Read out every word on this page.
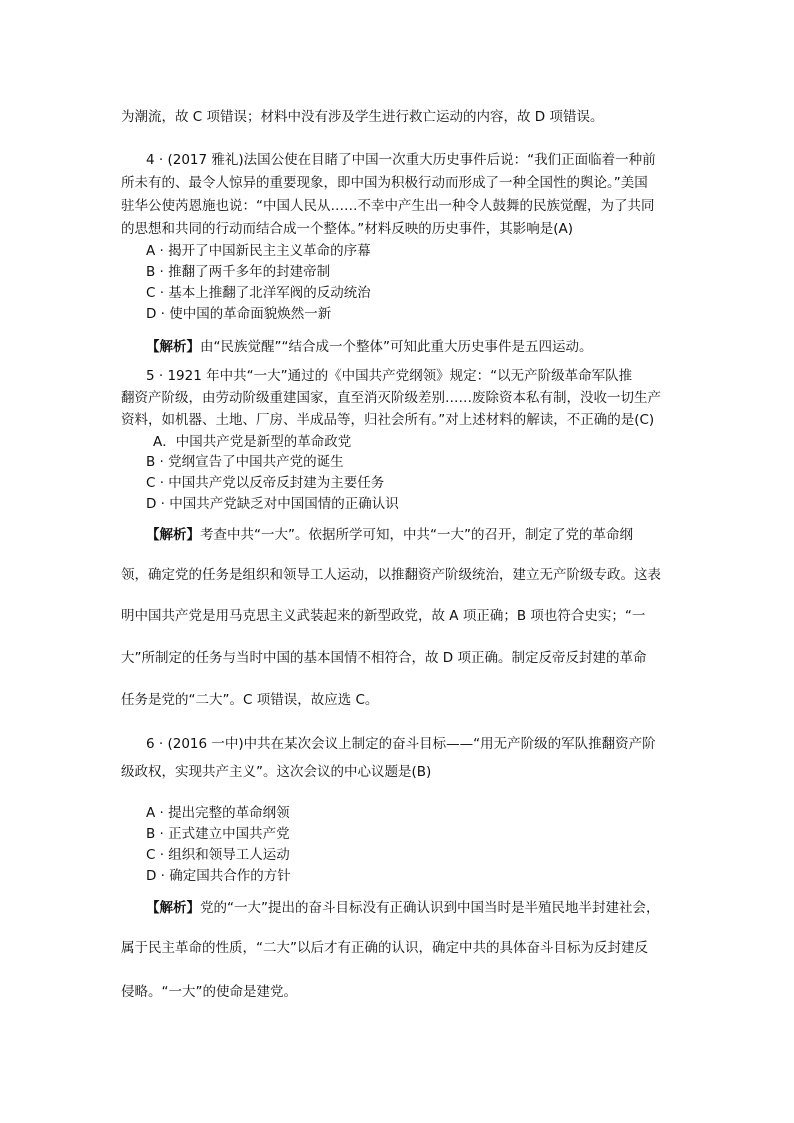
为潮流，故 C 项错误；材料中没有涉及学生进行救亡运动的内容，故 D 项错误。
4 · (2017 雅礼)法国公使在目睹了中国一次重大历史事件后说：“我们正面临着一种前
所未有的、最令人惊异的重要现象，即中国为积极行动而形成了一种全国性的舆论。”美国
驻华公使芮恩施也说：“中国人民从……不幸中产生出一种令人鼓舞的民族觉醒，为了共同
的思想和共同的行动而结合成一个整体。”材料反映的历史事件，其影响是(A)
A · 揭开了中国新民主主义革命的序幕
B · 推翻了两千多年的封建帝制
C · 基本上推翻了北洋军阀的反动统治
D · 使中国的革命面貌焕然一新
【解析】由“民族觉醒”“结合成一个整体”可知此重大历史事件是五四运动。
5 · 1921 年中共“一大”通过的《中国共产党纲领》规定：“以无产阶级革命军队推
翻资产阶级，由劳动阶级重建国家，直至消灭阶级差别……废除资本私有制，没收一切生产
资料，如机器、土地、厂房、半成品等，归社会所有。”对上述材料的解读，不正确的是(C)
A．中国共产党是新型的革命政党
B · 党纲宣告了中国共产党的诞生
C · 中国共产党以反帝反封建为主要任务
D · 中国共产党缺乏对中国国情的正确认识
【解析】考查中共“一大”。依据所学可知，中共“一大”的召开，制定了党的革命纲
领，确定党的任务是组织和领导工人运动，以推翻资产阶级统治，建立无产阶级专政。这表
明中国共产党是用马克思主义武装起来的新型政党，故 A 项正确；B 项也符合史实；“一
大”所制定的任务与当时中国的基本国情不相符合，故 D 项正确。制定反帝反封建的革命
任务是党的“二大”。C 项错误，故应选 C。
6 · (2016 一中)中共在某次会议上制定的奋斗目标——“用无产阶级的军队推翻资产阶
级政权，实现共产主义”。这次会议的中心议题是(B)
A · 提出完整的革命纲领
B · 正式建立中国共产党
C · 组织和领导工人运动
D · 确定国共合作的方针
【解析】党的“一大”提出的奋斗目标没有正确认识到中国当时是半殖民地半封建社会，
属于民主革命的性质，“二大”以后才有正确的认识，确定中共的具体奋斗目标为反封建反
侵略。“一大”的使命是建党。
